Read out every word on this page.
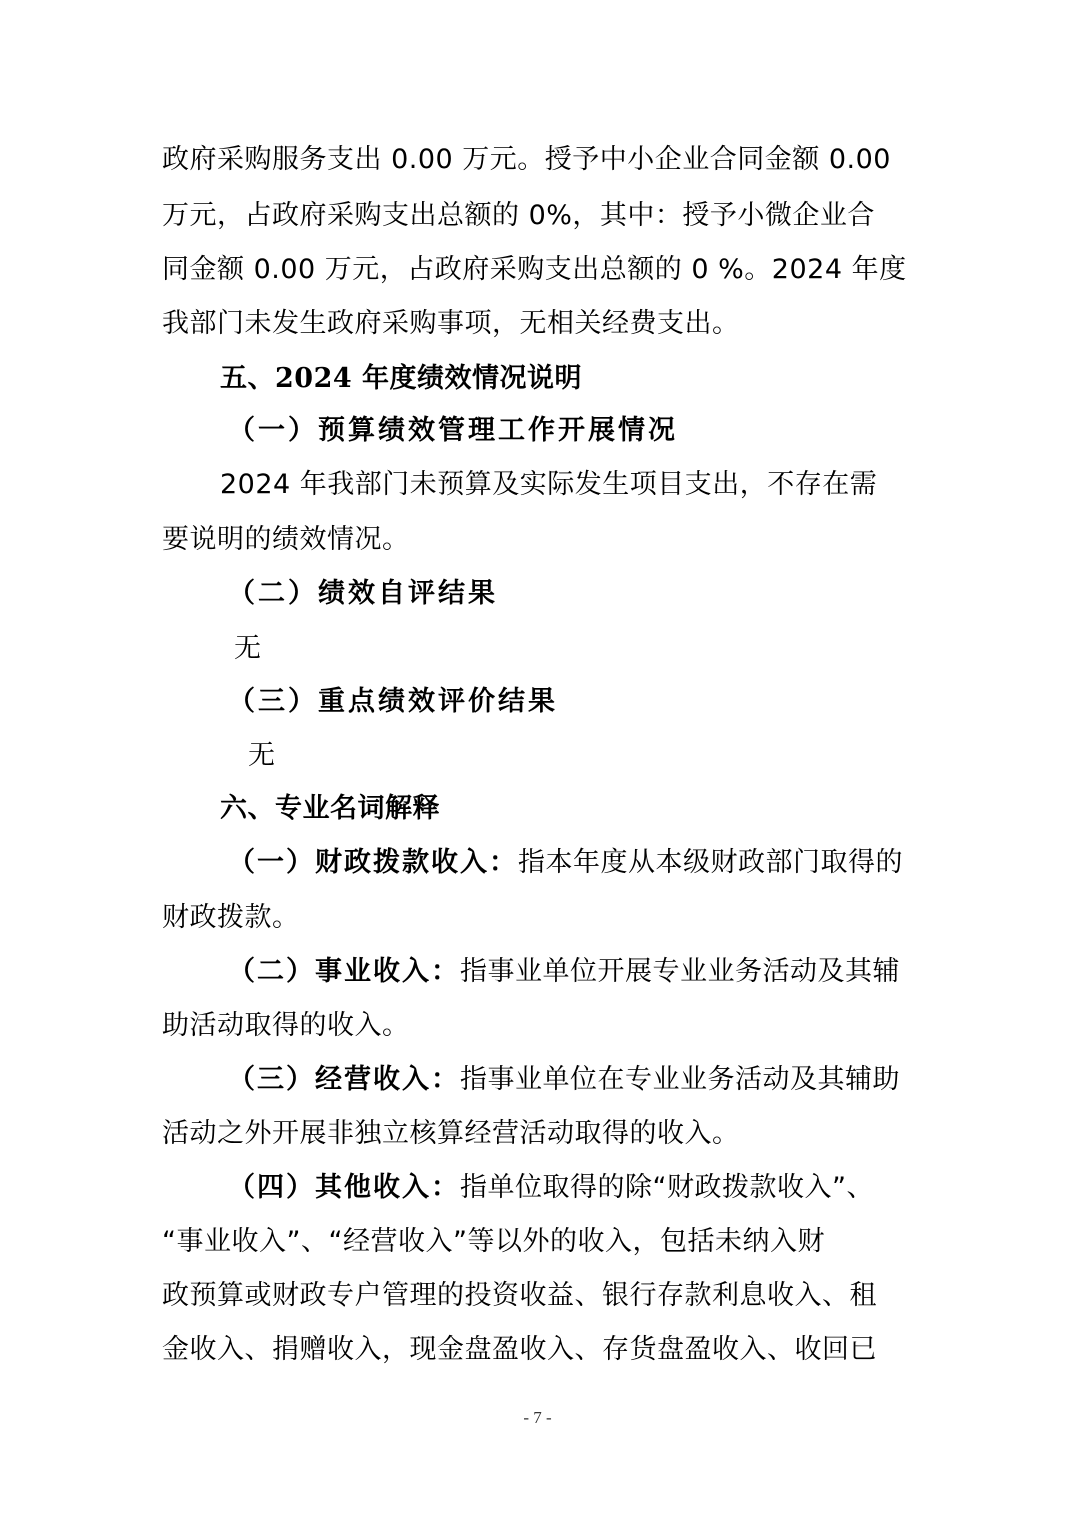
政府采购服务支出 0.00 万元。授予中小企业合同金额 0.00
万元，占政府采购支出总额的 0%，其中：授予小微企业合
同金额 0.00 万元，占政府采购支出总额的 0 %。2024 年度
我部门未发生政府采购事项，无相关经费支出。
五、2024 年度绩效情况说明
（一）预算绩效管理工作开展情况
2024 年我部门未预算及实际发生项目支出，不存在需
要说明的绩效情况。
（二）绩效自评结果
无
（三）重点绩效评价结果
无
六、专业名词解释
（一）财政拨款收入：指本年度从本级财政部门取得的
财政拨款。
（二）事业收入：指事业单位开展专业业务活动及其辅
助活动取得的收入。
（三）经营收入：指事业单位在专业业务活动及其辅助
活动之外开展非独立核算经营活动取得的收入。
（四）其他收入：指单位取得的除“财政拨款收入”、
“事业收入”、“经营收入”等以外的收入，包括未纳入财
政预算或财政专户管理的投资收益、银行存款利息收入、租
金收入、捐赠收入，现金盘盈收入、存货盘盈收入、收回已
- 7 -
